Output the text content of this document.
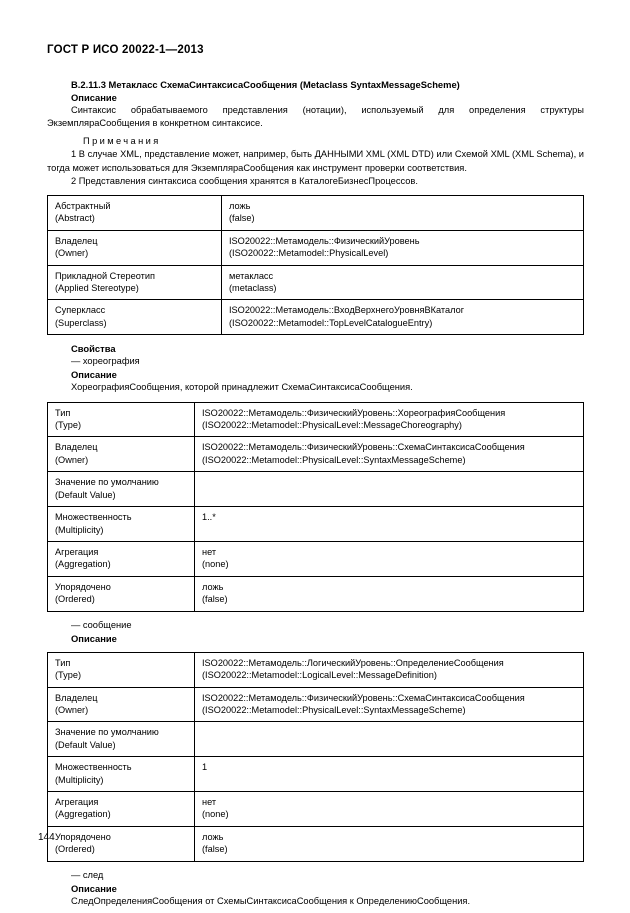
ГОСТ Р ИСО 20022-1—2013
B.2.11.3 Метакласс СхемаСинтаксисаСообщения (Metaclass SyntaxMessageScheme)
Описание

Синтаксис обрабатываемого представления (нотации), используемый для определения структуры ЭкземпляраСообщения в конкретном синтаксисе.

Примечания

1 В случае XML, представление может, например, быть ДАННЫМИ XML (XML DTD) или Схемой XML (XML Schema), и тогда может использоваться для ЭкземпляраСообщения как инструмент проверки соответствия.

2 Представления синтаксиса сообщения хранятся в КаталогеБизнесПроцессов.

Абстрактный
(Abstract)	ложь
(false)

Владелец
(Owner)	ISO20022::Метамодель::ФизическийУровень
(ISO20022::Metamodel::PhysicalLevel)

Прикладной Стереотип
(Applied Stereotype)	метакласс
(metaclass)

Суперкласс
(Superclass)	ISO20022::Метамодель::ВходВерхнегоУровняВКаталог
(ISO20022::Metamodel::TopLevelCatalogueEntry)
Свойства
— хореография
Описание

ХореографияСообщения, которой принадлежит СхемаСинтаксисаСообщения.

Тип
(Type)	ISO20022::Метамодель::ФизическийУровень::ХореографияСообщения
(ISO20022::Metamodel::PhysicalLevel::MessageChoreography)

Владелец
(Owner)	ISO20022::Метамодель::ФизическийУровень::СхемаСинтаксисаСообщения
(ISO20022::Metamodel::PhysicalLevel::SyntaxMessageScheme)

Значение по умолчанию
(Default Value)	

Множественность
(Multiplicity)	1..*

Агрегация
(Aggregation)	нет
(none)

Упорядочено
(Ordered)	ложь
(false)
— сообщение
Описание
Тип
(Type)	ISO20022::Метамодель::ЛогическийУровень::ОпределениеСообщения
(ISO20022::Metamodel::LogicalLevel::MessageDefinition)

Владелец
(Owner)	ISO20022::Метамодель::ФизическийУровень::СхемаСинтаксисаСообщения
(ISO20022::Metamodel::PhysicalLevel::SyntaxMessageScheme)

Значение по умолчанию
(Default Value)	

Множественность
(Multiplicity)	1

Агрегация
(Aggregation)	нет
(none)

Упорядочено
(Ordered)	ложь
(false)
— след
Описание

СледОпределенияСообщения от СхемыСинтаксисаСообщения к ОпределениюСообщения.

144
